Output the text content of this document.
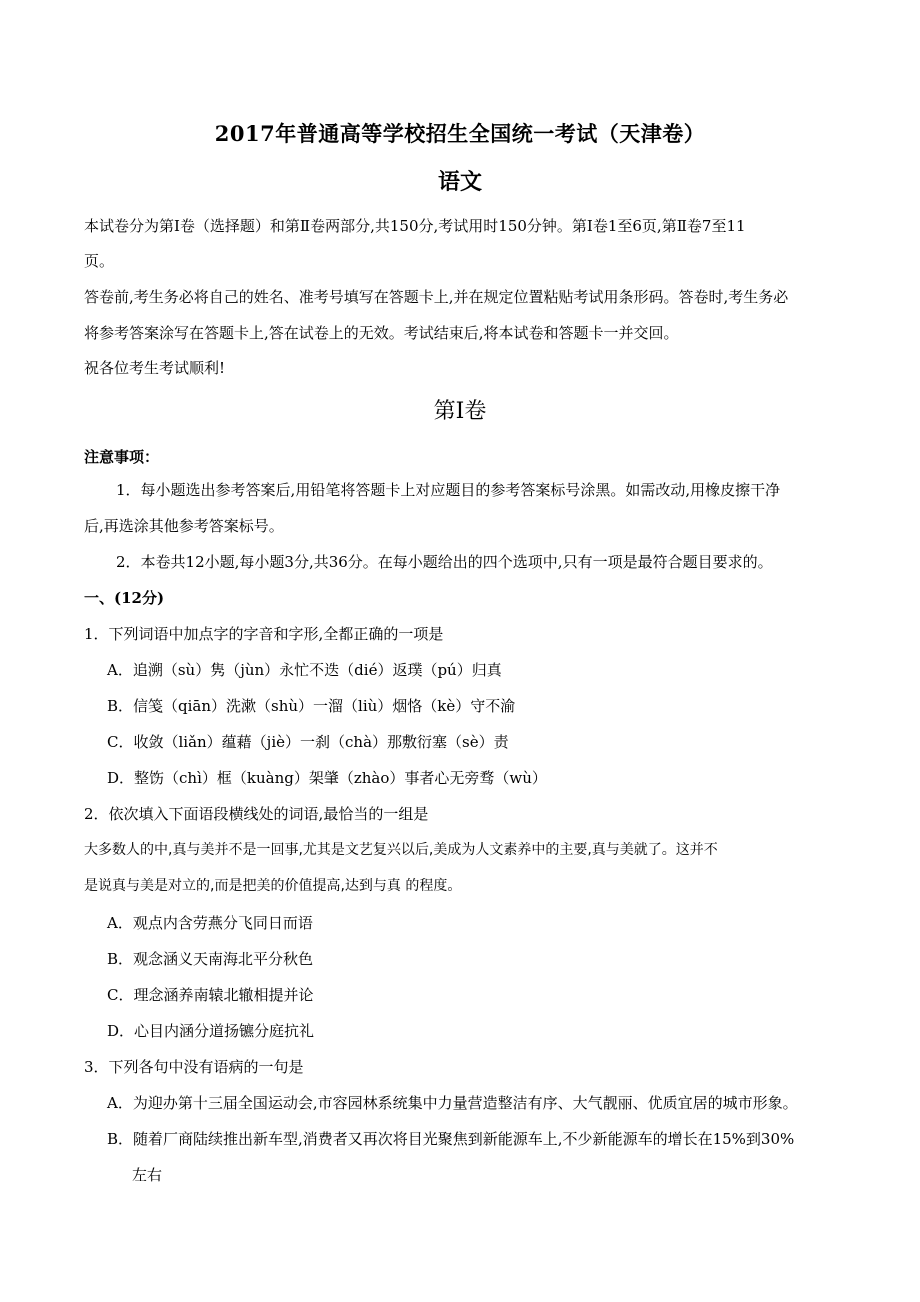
2017年普通高等学校招生全国统一考试（天津卷）
语文
本试卷分为第Ⅰ卷（选择题）和第Ⅱ卷两部分,共150分,考试用时150分钟。第Ⅰ卷1至6页,第Ⅱ卷7至11
页。
答卷前,考生务必将自己的姓名、准考号填写在答题卡上,并在规定位置粘贴考试用条形码。答卷时,考生务必
将参考答案涂写在答题卡上,答在试卷上的无效。考试结束后,将本试卷和答题卡一并交回。
祝各位考生考试顺利!
第Ⅰ卷
注意事项：
1．每小题选出参考答案后,用铅笔将答题卡上对应题目的参考答案标号涂黑。如需改动,用橡皮擦干净
后,再选涂其他参考答案标号。
2．本卷共12小题,每小题3分,共36分。在每小题给出的四个选项中,只有一项是最符合题目要求的。
一、(12分)
1．下列词语中加点字的字音和字形,全都正确的一项是
A．追溯（sù）隽（jùn）永忙不迭（dié）返璞（pú）归真
B．信笺（qiān）洗漱（shù）一溜（liù）烟恪（kè）守不渝
C．收敛（liǎn）蕴藉（jiè）一刹（chà）那敷衍塞（sè）责
D．整饬（chì）框（kuàng）架肇（zhào）事者心无旁骛（wù）
2．依次填入下面语段横线处的词语,最恰当的一组是
大多数人的中,真与美并不是一回事,尤其是文艺复兴以后,美成为人文素养中的主要,真与美就了。这并不
是说真与美是对立的,而是把美的价值提高,达到与真 的程度。
A．观点内含劳燕分飞同日而语
B．观念涵义天南海北平分秋色
C．理念涵养南辕北辙相提并论
D．心目内涵分道扬镳分庭抗礼
3．下列各句中没有语病的一句是
A．为迎办第十三届全国运动会,市容园林系统集中力量营造整洁有序、大气靓丽、优质宜居的城市形象。
B．随着厂商陆续推出新车型,消费者又再次将目光聚焦到新能源车上,不少新能源车的增长在15%到30%
左右
